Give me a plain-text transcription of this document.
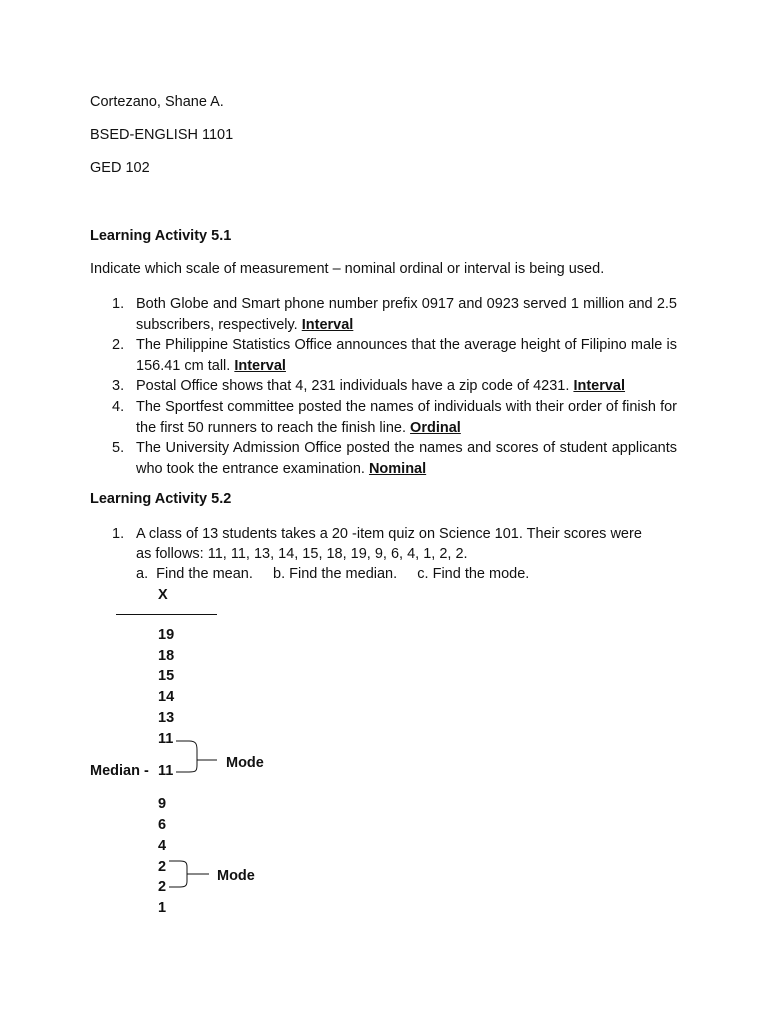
Cortezano, Shane A.
BSED-ENGLISH 1101
GED 102
Learning Activity 5.1
Indicate which scale of measurement – nominal ordinal or interval is being used.
1. Both Globe and Smart phone number prefix 0917 and 0923 served 1 million and 2.5 subscribers, respectively. Interval
2. The Philippine Statistics Office announces that the average height of Filipino male is 156.41 cm tall. Interval
3. Postal Office shows that 4, 231 individuals have a zip code of 4231. Interval
4. The Sportfest committee posted the names of individuals with their order of finish for the first 50 runners to reach the finish line. Ordinal
5. The University Admission Office posted the names and scores of student applicants who took the entrance examination. Nominal
Learning Activity 5.2
1. A class of 13 students takes a 20 -item quiz on Science 101. Their scores were
as follows: 11, 11, 13, 14, 15, 18, 19, 9, 6, 4, 1, 2, 2.
a.  Find the mean.     b. Find the median.     c. Find the mode.
X
19
18
15
14
13
11
Median - 11
9
6
4
2
2
1
Mode
Mode
